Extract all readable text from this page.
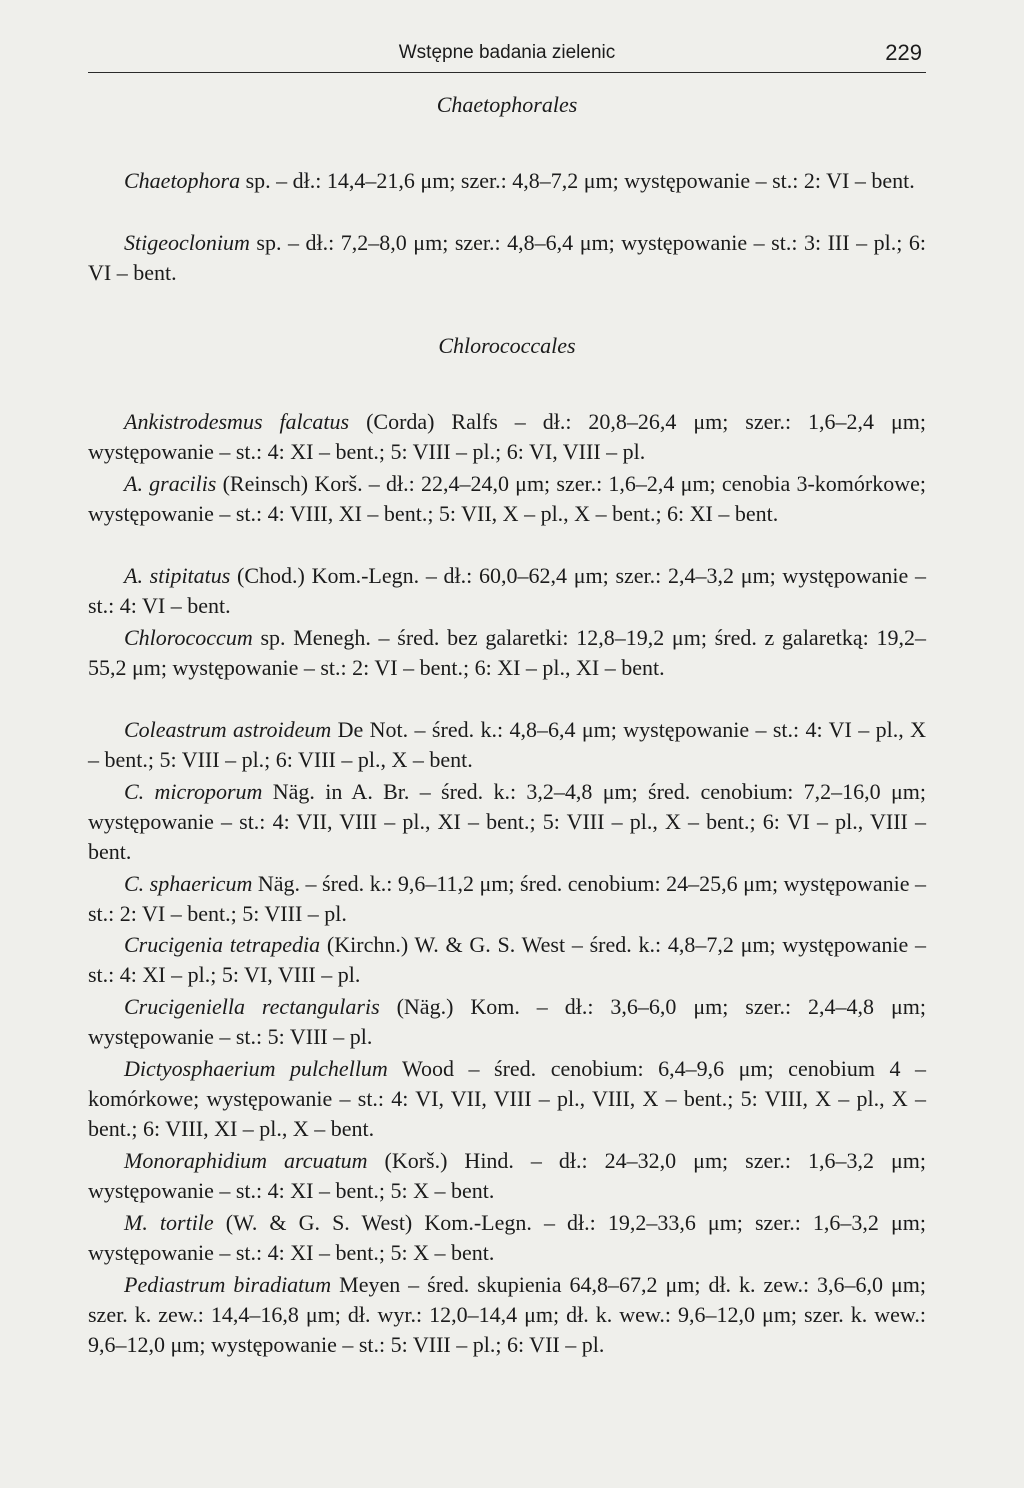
Wstępne badania zielenic	229
Chaetophorales
Chaetophora sp. – dł.: 14,4–21,6 μm; szer.: 4,8–7,2 μm; występowanie – st.: 2: VI – bent.
Stigeoclonium sp. – dł.: 7,2–8,0 μm; szer.: 4,8–6,4 μm; występowanie – st.: 3: III – pl.; 6: VI – bent.
Chlorococcales
Ankistrodesmus falcatus (Corda) Ralfs – dł.: 20,8–26,4 μm; szer.: 1,6–2,4 μm; występowanie – st.: 4: XI – bent.; 5: VIII – pl.; 6: VI, VIII – pl.
A. gracilis (Reinsch) Korš. – dł.: 22,4–24,0 μm; szer.: 1,6–2,4 μm; cenobia 3-komórkowe; występowanie – st.: 4: VIII, XI – bent.; 5: VII, X – pl., X – bent.; 6: XI – bent.
A. stipitatus (Chod.) Kom.-Legn. – dł.: 60,0–62,4 μm; szer.: 2,4–3,2 μm; występowanie – st.: 4: VI – bent.
Chlorococcum sp. Menegh. – śred. bez galaretki: 12,8–19,2 μm; śred. z galaretką: 19,2–55,2 μm; występowanie – st.: 2: VI – bent.; 6: XI – pl., XI – bent.
Coleastrum astroideum De Not. – śred. k.: 4,8–6,4 μm; występowanie – st.: 4: VI – pl., X – bent.; 5: VIII – pl.; 6: VIII – pl., X – bent.
C. microporum Näg. in A. Br. – śred. k.: 3,2–4,8 μm; śred. cenobium: 7,2–16,0 μm; występowanie – st.: 4: VII, VIII – pl., XI – bent.; 5: VIII – pl., X – bent.; 6: VI – pl., VIII – bent.
C. sphaericum Näg. – śred. k.: 9,6–11,2 μm; śred. cenobium: 24–25,6 μm; występowanie – st.: 2: VI – bent.; 5: VIII – pl.
Crucigenia tetrapedia (Kirchn.) W. & G. S. West – śred. k.: 4,8–7,2 μm; występowanie – st.: 4: XI – pl.; 5: VI, VIII – pl.
Crucigeniella rectangularis (Näg.) Kom. – dł.: 3,6–6,0 μm; szer.: 2,4–4,8 μm; występowanie – st.: 5: VIII – pl.
Dictyosphaerium pulchellum Wood – śred. cenobium: 6,4–9,6 μm; cenobium 4 – komórkowe; występowanie – st.: 4: VI, VII, VIII – pl., VIII, X – bent.; 5: VIII, X – pl., X – bent.; 6: VIII, XI – pl., X – bent.
Monoraphidium arcuatum (Korš.) Hind. – dł.: 24–32,0 μm; szer.: 1,6–3,2 μm; występowanie – st.: 4: XI – bent.; 5: X – bent.
M. tortile (W. & G. S. West) Kom.-Legn. – dł.: 19,2–33,6 μm; szer.: 1,6–3,2 μm; występowanie – st.: 4: XI – bent.; 5: X – bent.
Pediastrum biradiatum Meyen – śred. skupienia 64,8–67,2 μm; dł. k. zew.: 3,6–6,0 μm; szer. k. zew.: 14,4–16,8 μm; dł. wyr.: 12,0–14,4 μm; dł. k. wew.: 9,6–12,0 μm; szer. k. wew.: 9,6–12,0 μm; występowanie – st.: 5: VIII – pl.; 6: VII – pl.
